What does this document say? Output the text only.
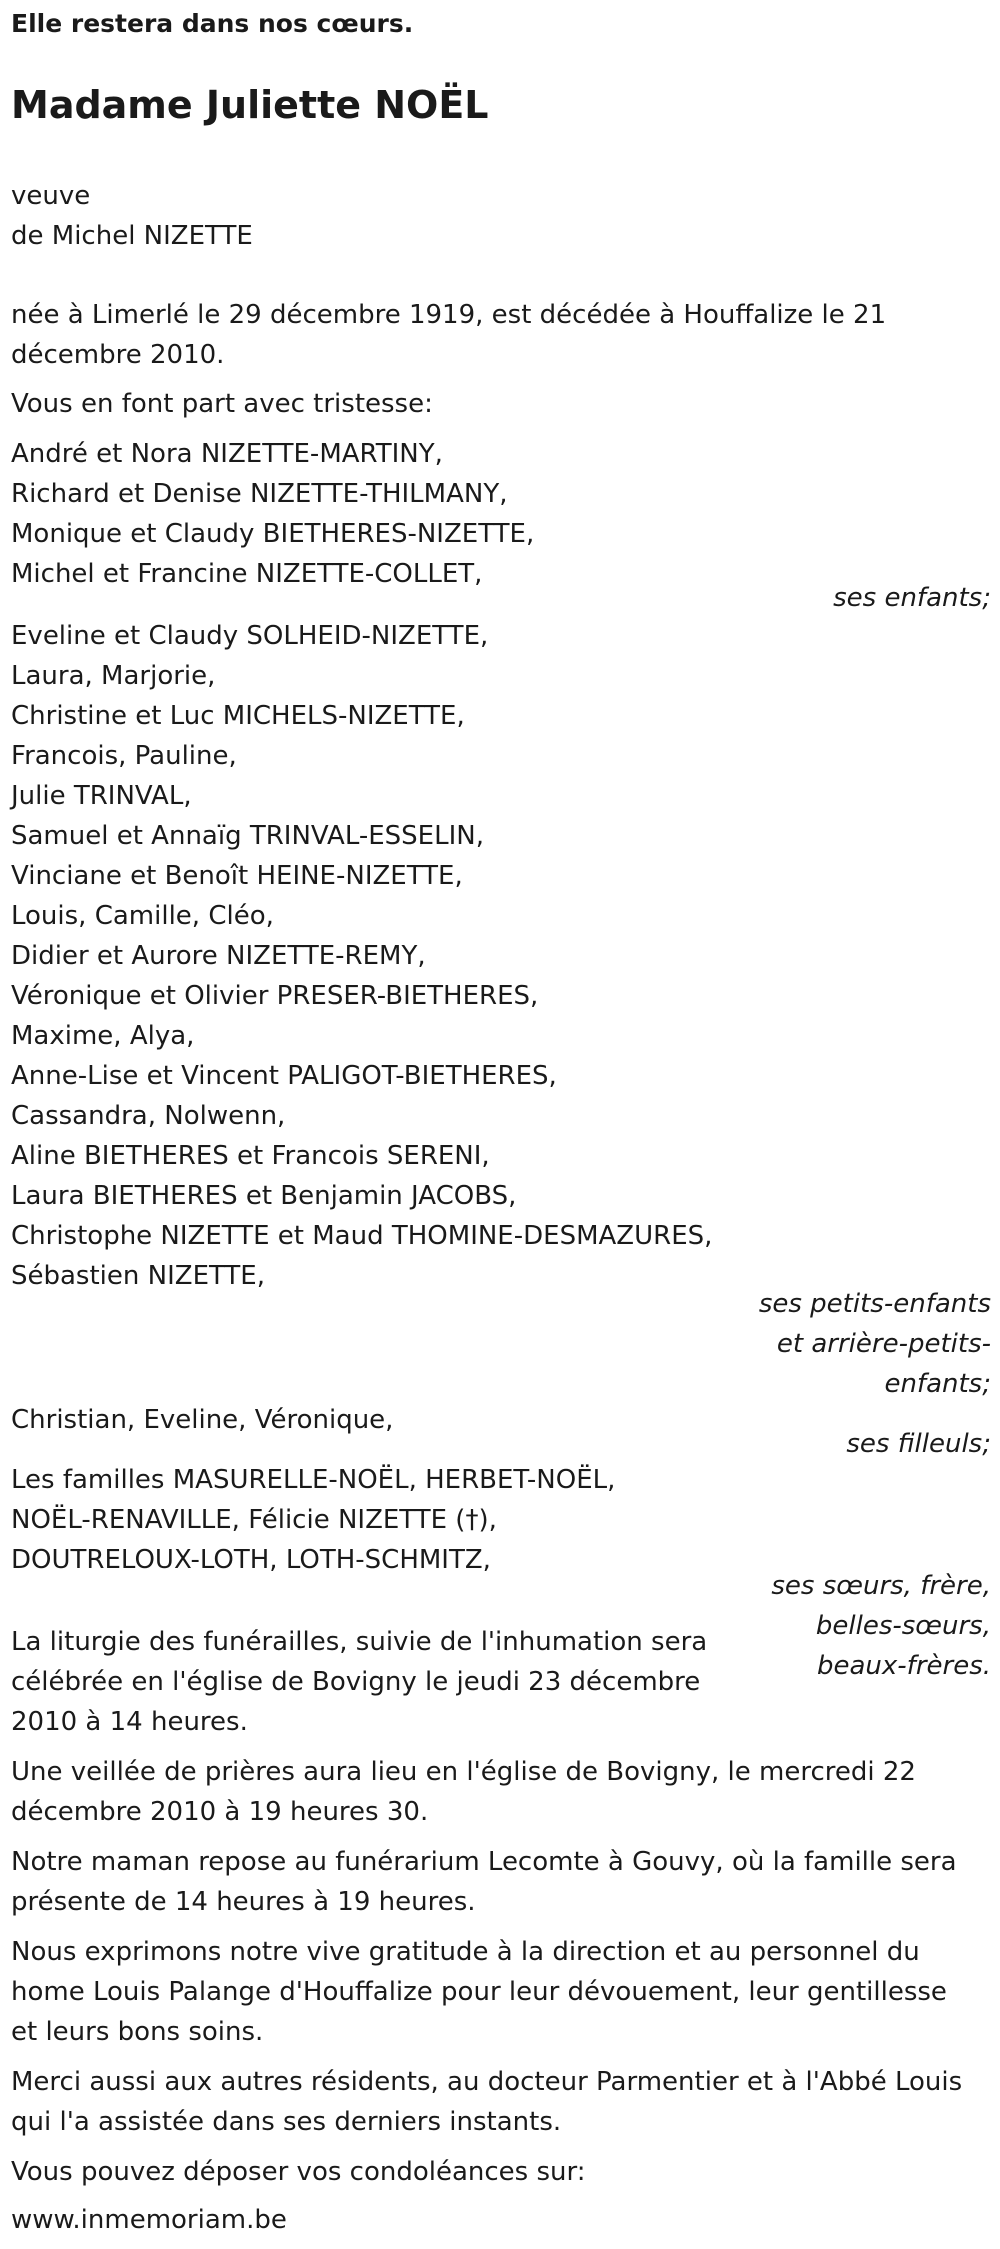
Elle restera dans nos cœurs.
Madame Juliette NOËL
veuve
de Michel NIZETTE
née à Limerlé le 29 décembre 1919, est décédée à Houffalize le 21
décembre 2010.
Vous en font part avec tristesse:
André et Nora NIZETTE-MARTINY,
Richard et Denise NIZETTE-THILMANY,
Monique et Claudy BIETHERES-NIZETTE,
Michel et Francine NIZETTE-COLLET,
ses enfants;
Eveline et Claudy SOLHEID-NIZETTE,
Laura, Marjorie,
Christine et Luc MICHELS-NIZETTE,
Francois, Pauline,
Julie TRINVAL,
Samuel et Annaïg TRINVAL-ESSELIN,
Vinciane et Benoît HEINE-NIZETTE,
Louis, Camille, Cléo,
Didier et Aurore NIZETTE-REMY,
Véronique et Olivier PRESER-BIETHERES,
Maxime, Alya,
Anne-Lise et Vincent PALIGOT-BIETHERES,
Cassandra, Nolwenn,
Aline BIETHERES et Francois SERENI,
Laura BIETHERES et Benjamin JACOBS,
Christophe NIZETTE et Maud THOMINE-DESMAZURES,
Sébastien NIZETTE,
ses petits-enfants
et arrière-petits-
enfants;
Christian, Eveline, Véronique,
ses filleuls;
Les familles MASURELLE-NOËL, HERBET-NOËL,
NOËL-RENAVILLE, Félicie NIZETTE (†),
DOUTRELOUX-LOTH, LOTH-SCHMITZ,
ses sœurs, frère,
belles-sœurs,
beaux-frères.
La liturgie des funérailles, suivie de l'inhumation sera
célébrée en l'église de Bovigny le jeudi 23 décembre
2010 à 14 heures.
Une veillée de prières aura lieu en l'église de Bovigny, le mercredi 22
décembre 2010 à 19 heures 30.
Notre maman repose au funérarium Lecomte à Gouvy, où la famille sera
présente de 14 heures à 19 heures.
Nous exprimons notre vive gratitude à la direction et au personnel du
home Louis Palange d'Houffalize pour leur dévouement, leur gentillesse
et leurs bons soins.
Merci aussi aux autres résidents, au docteur Parmentier et à l'Abbé Louis
qui l'a assistée dans ses derniers instants.
Vous pouvez déposer vos condoléances sur:
www.inmemoriam.be
